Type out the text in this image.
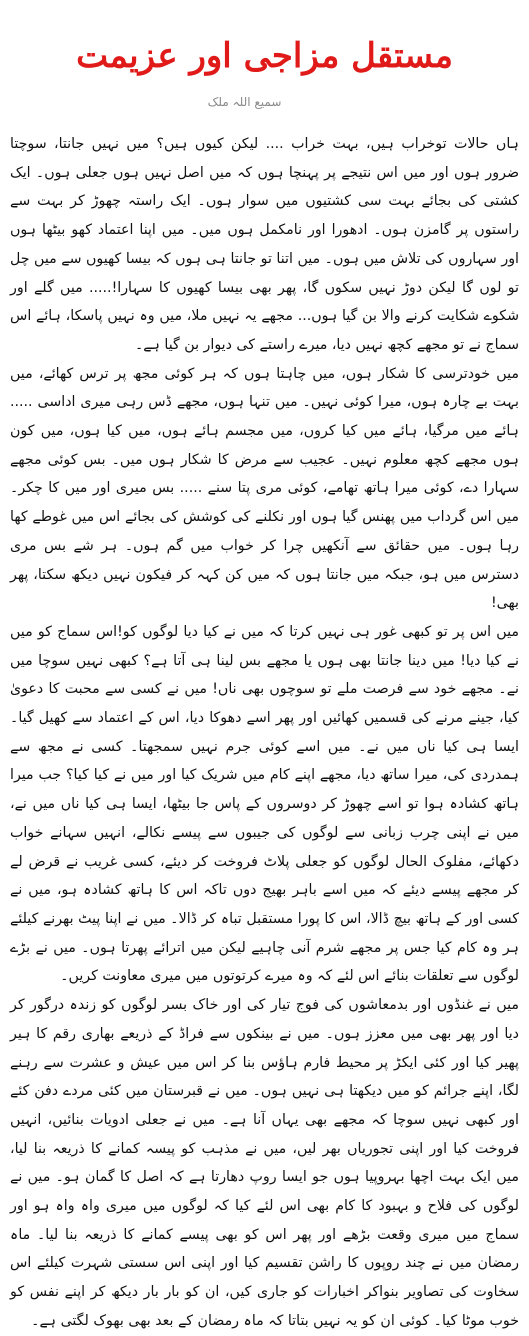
مستقل مزاجی اور عزیمت
سمیع اللہ ملک

ہاں حالات توخراب ہیں، بہت خراب .... لیکن کیوں ہیں؟ میں نہیں جانتا، سوچتا ضرور ہوں اور میں اس نتیجے پر پہنچا ہوں کہ میں اصل نہیں ہوں جعلی ہوں۔ ایک کشتی کی بجائے بہت سی کشتیوں میں سوار ہوں۔ ایک راستہ چھوڑ کر بہت سے راستوں پر گامزن ہوں۔ ادھورا اور نامکمل ہوں میں۔ میں اپنا اعتماد کھو بیٹھا ہوں اور سہاروں کی تلاش میں ہوں۔ میں اتنا تو جانتا ہی ہوں کہ بیسا کھیوں سے میں چل تو لوں گا لیکن دوڑ نہیں سکوں گا، پھر بھی بیسا کھیوں کا سہارا!..... میں گلے اور شکوے شکایت کرنے والا بن گیا ہوں... مجھے یہ نہیں ملا، میں وہ نہیں پاسکا، ہائے اس سماج نے تو مجھے کچھ نہیں دیا، میرے راستے کی دیوار بن گیا ہے۔

میں خودترسی کا شکار ہوں، میں چاہتا ہوں کہ ہر کوئی مجھ پر ترس کھائے، میں بہت بے چارہ ہوں، میرا کوئی نہیں۔ میں تنہا ہوں، مجھے ڈس رہی میری اداسی ..... ہائے میں مرگیا، ہائے میں کیا کروں، میں مجسم ہائے ہوں، میں کیا ہوں، میں کون ہوں مجھے کچھ معلوم نہیں۔ عجیب سے مرض کا شکار ہوں میں۔ بس کوئی مجھے سہارا دے، کوئی میرا ہاتھ تھامے، کوئی مری پتا سنے ..... بس میری اور میں کا چکر۔ میں اس گرداب میں پھنس گیا ہوں اور نکلنے کی کوشش کی بجائے اس میں غوطے کھا رہا ہوں۔ میں حقائق سے آنکھیں چرا کر خواب میں گم ہوں۔ ہر شے بس مری دسترس میں ہو، جبکہ میں جانتا ہوں کہ میں کن کہہ کر فیکون نہیں دیکھ سکتا، پھر بھی!

میں اس پر تو کبھی غور ہی نہیں کرتا کہ میں نے کیا دیا لوگوں کو!اس سماج کو میں نے کیا دیا! میں دینا جانتا بھی ہوں یا مجھے بس لینا ہی آتا ہے؟ کبھی نہیں سوچا میں نے۔ مجھے خود سے فرصت ملے تو سوچوں بھی ناں! میں نے کسی سے محبت کا دعویٰ کیا، جینے مرنے کی قسمیں کھائیں اور پھر اسے دھوکا دیا، اس کے اعتماد سے کھیل گیا۔ ایسا ہی کیا ناں میں نے۔ میں اسے کوئی جرم نہیں سمجھتا۔ کسی نے مجھ سے ہمدردی کی، میرا ساتھ دیا، مجھے اپنے کام میں شریک کیا اور میں نے کیا کیا؟ جب میرا ہاتھ کشادہ ہوا تو اسے چھوڑ کر دوسروں کے پاس جا بیٹھا، ایسا ہی کیا ناں میں نے، میں نے اپنی چرب زبانی سے لوگوں کی جیبوں سے پیسے نکالے، انہیں سہانے خواب دکھائے، مفلوک الحال لوگوں کو جعلی پلاٹ فروخت کر دیئے، کسی غریب نے قرض لے کر مجھے پیسے دیئے کہ میں اسے باہر بھیج دوں تاکہ اس کا ہاتھ کشادہ ہو، میں نے کسی اور کے ہاتھ بیچ ڈالا، اس کا پورا مستقبل تباہ کر ڈالا۔ میں نے اپنا پیٹ بھرنے کیلئے ہر وہ کام کیا جس پر مجھے شرم آنی چاہیے لیکن میں اترائے پھرتا ہوں۔ میں نے بڑے لوگوں سے تعلقات بنائے اس لئے کہ وہ میرے کرتوتوں میں میری معاونت کریں۔

میں نے غنڈوں اور بدمعاشوں کی فوج تیار کی اور خاک بسر لوگوں کو زندہ درگور کر دیا اور پھر بھی میں معزز ہوں۔ میں نے بینکوں سے فراڈ کے ذریعے بھاری رقم کا ہیر پھیر کیا اور کئی ایکڑ پر محیط فارم ہاؤس بنا کر اس میں عیش و عشرت سے رہنے لگا، اپنے جرائم کو میں دیکھتا ہی نہیں ہوں۔ میں نے قبرستان میں کئی مردے دفن کئے اور کبھی نہیں سوچا کہ مجھے بھی یہاں آنا ہے۔ میں نے جعلی ادویات بنائیں، انہیں فروخت کیا اور اپنی تجوریاں بھر لیں، میں نے مذہب کو پیسہ کمانے کا ذریعہ بنا لیا، میں ایک بہت اچھا بہروپیا ہوں جو ایسا روپ دھارتا ہے کہ اصل کا گمان ہو۔ میں نے لوگوں کی فلاح و بہبود کا کام بھی اس لئے کیا کہ لوگوں میں میری واہ واہ ہو اور سماج میں میری وقعت بڑھے اور پھر اس کو بھی پیسے کمانے کا ذریعہ بنا لیا۔ ماہ رمضان میں نے چند روپوں کا راشن تقسیم کیا اور اپنی اس سستی شہرت کیلئے اس سخاوت کی تصاویر بنواکر اخبارات کو جاری کیں، ان کو بار بار دیکھ کر اپنے نفس کو خوب موٹا کیا۔ کوئی ان کو یہ نہیں بتاتا کہ ماہ رمضان کے بعد بھی بھوک لگتی ہے۔
